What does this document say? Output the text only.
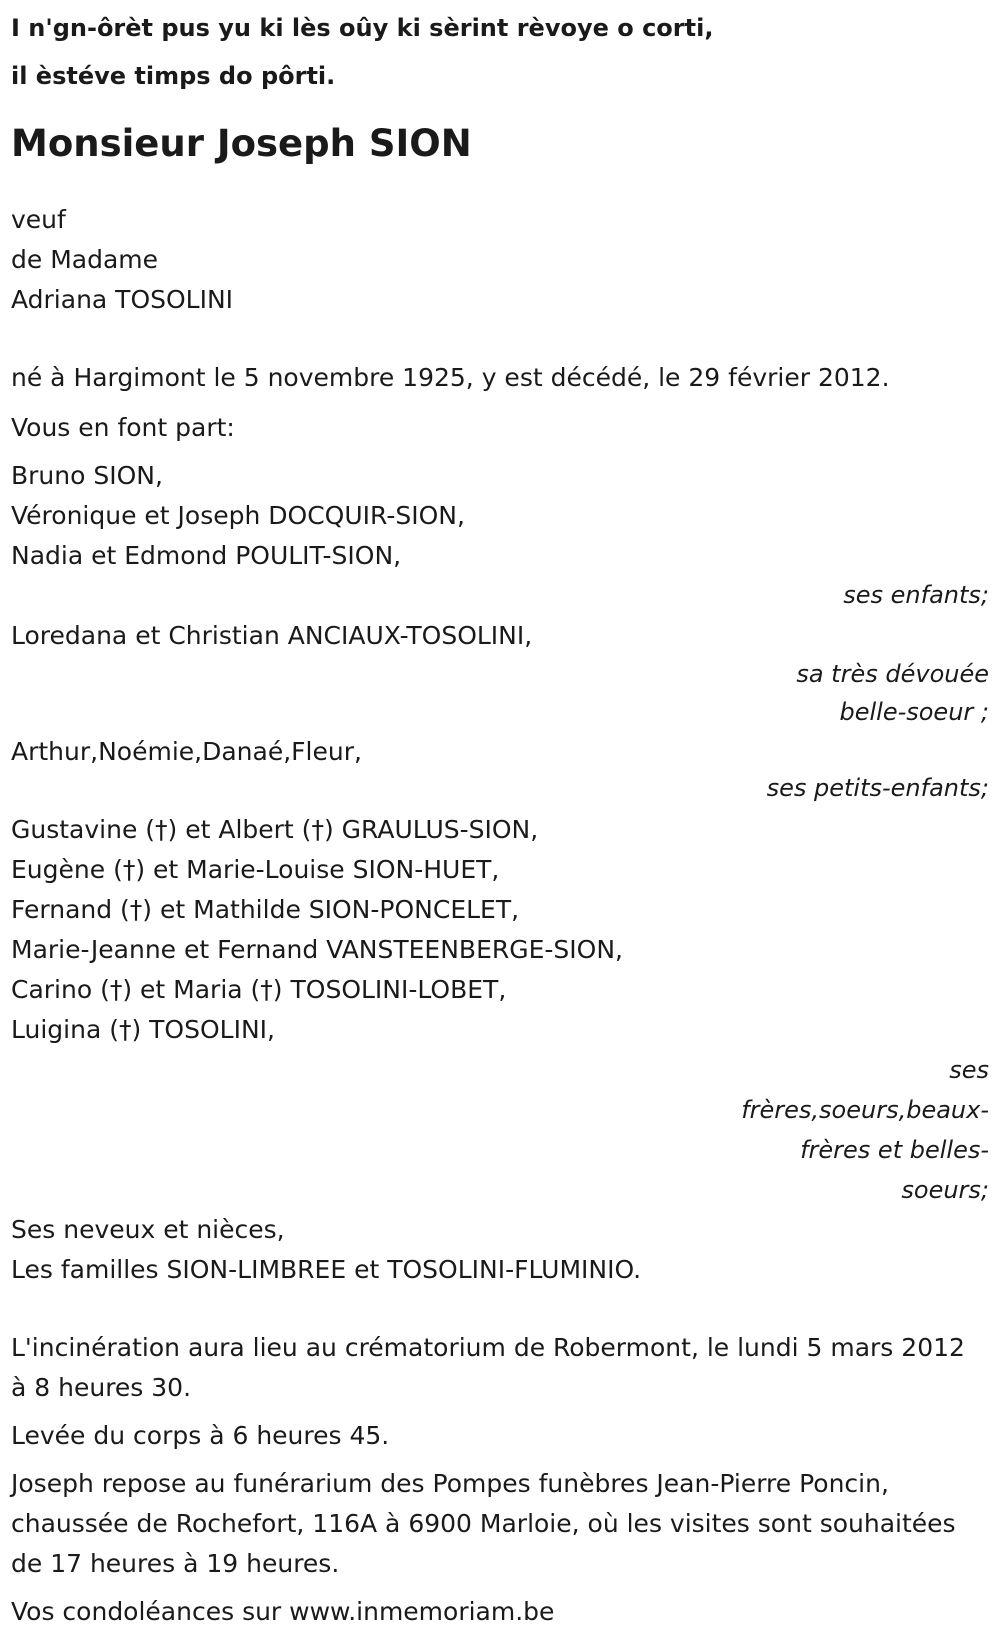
I n'gn-ôrèt pus yu ki lès oûy ki sèrint rèvoye o corti,
il èstéve timps do pôrti.
Monsieur Joseph SION
veuf
de Madame
Adriana TOSOLINI
né à Hargimont le 5 novembre 1925, y est décédé, le 29 février 2012.
Vous en font part:
Bruno SION,
Véronique et Joseph DOCQUIR-SION,
Nadia et Edmond POULIT-SION,
ses enfants;
Loredana et Christian ANCIAUX-TOSOLINI,
sa très dévouée
belle-soeur ;
Arthur,Noémie,Danaé,Fleur,
ses petits-enfants;
Gustavine (†) et Albert (†) GRAULUS-SION,
Eugène (†) et Marie-Louise SION-HUET,
Fernand (†) et Mathilde SION-PONCELET,
Marie-Jeanne et Fernand VANSTEENBERGE-SION,
Carino (†) et Maria (†) TOSOLINI-LOBET,
Luigina (†) TOSOLINI,
ses
frères,soeurs,beaux-
frères et belles-
soeurs;
Ses neveux et nièces,
Les familles SION-LIMBREE et TOSOLINI-FLUMINIO.
L'incinération aura lieu au crématorium de Robermont, le lundi 5 mars 2012 à 8 heures 30.
Levée du corps à 6 heures 45.
Joseph repose au funérarium des Pompes funèbres Jean-Pierre Poncin, chaussée de Rochefort, 116A à 6900 Marloie, où les visites sont souhaitées de 17 heures à 19 heures.
Vos condoléances sur www.inmemoriam.be
